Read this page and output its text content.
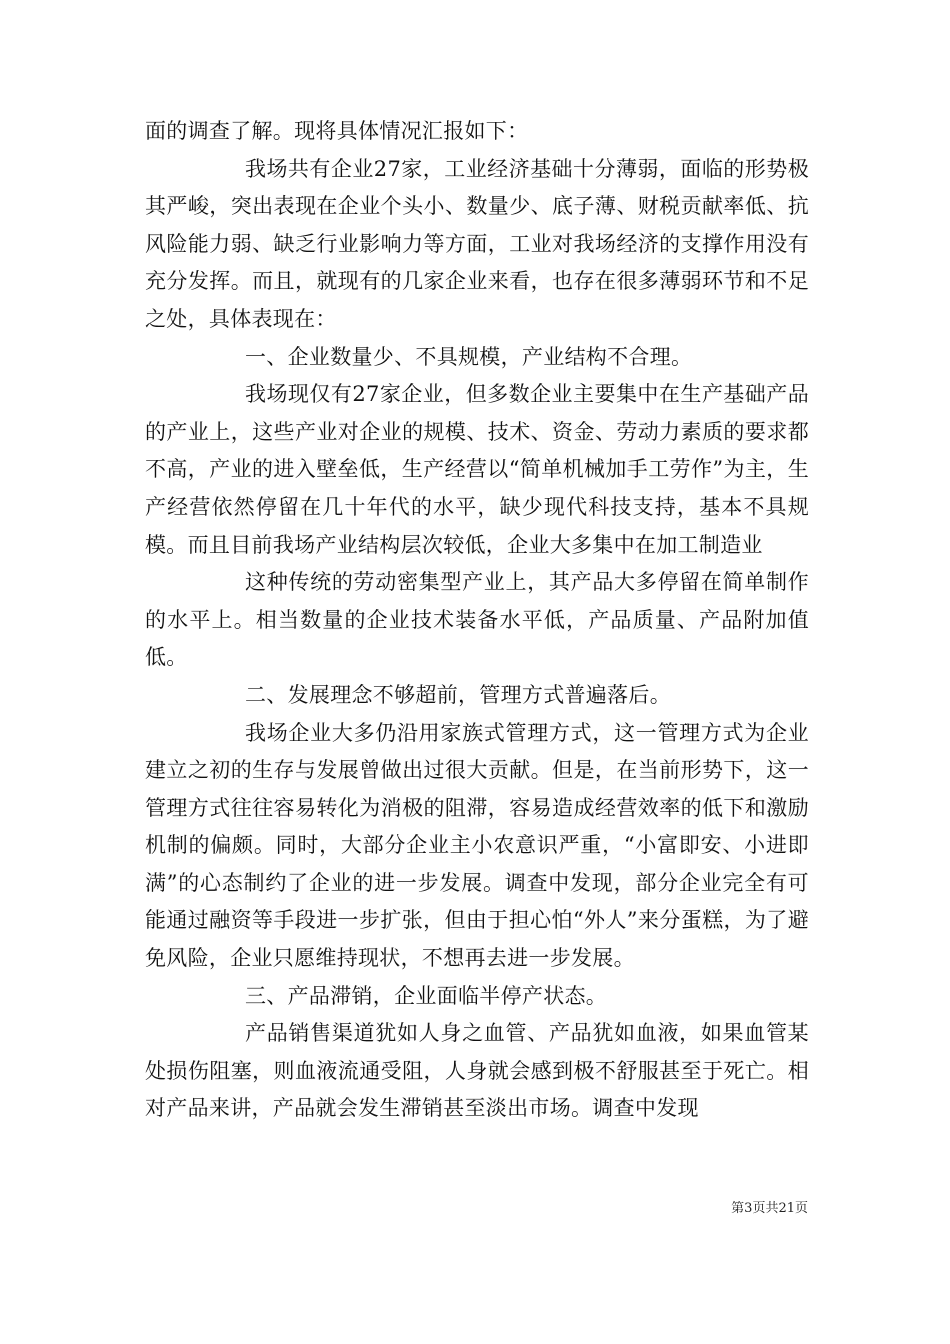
面的调查了解。现将具体情况汇报如下：

我场共有企业27家，工业经济基础十分薄弱，面临的形势极其严峻，突出表现在企业个头小、数量少、底子薄、财税贡献率低、抗风险能力弱、缺乏行业影响力等方面，工业对我场经济的支撑作用没有充分发挥。而且，就现有的几家企业来看，也存在很多薄弱环节和不足之处，具体表现在：

一、企业数量少、不具规模，产业结构不合理。

我场现仅有27家企业，但多数企业主要集中在生产基础产品的产业上，这些产业对企业的规模、技术、资金、劳动力素质的要求都不高，产业的进入壁垒低，生产经营以“简单机械加手工劳作”为主，生产经营依然停留在几十年代的水平，缺少现代科技支持，基本不具规模。而且目前我场产业结构层次较低，企业大多集中在加工制造业

这种传统的劳动密集型产业上，其产品大多停留在简单制作的水平上。相当数量的企业技术装备水平低，产品质量、产品附加值低。

二、发展理念不够超前，管理方式普遍落后。

我场企业大多仍沿用家族式管理方式，这一管理方式为企业建立之初的生存与发展曾做出过很大贡献。但是，在当前形势下，这一管理方式往往容易转化为消极的阻滞，容易造成经营效率的低下和激励机制的偏颇。同时，大部分企业主小农意识严重，“小富即安、小进即满”的心态制约了企业的进一步发展。调查中发现，部分企业完全有可能通过融资等手段进一步扩张，但由于担心怕“外人”来分蛋糕，为了避免风险，企业只愿维持现状，不想再去进一步发展。

三、产品滞销，企业面临半停产状态。

产品销售渠道犹如人身之血管、产品犹如血液，如果血管某处损伤阻塞，则血液流通受阻，人身就会感到极不舒服甚至于死亡。相对产品来讲，产品就会发生滞销甚至淡出市场。调查中发现

第3页共21页
